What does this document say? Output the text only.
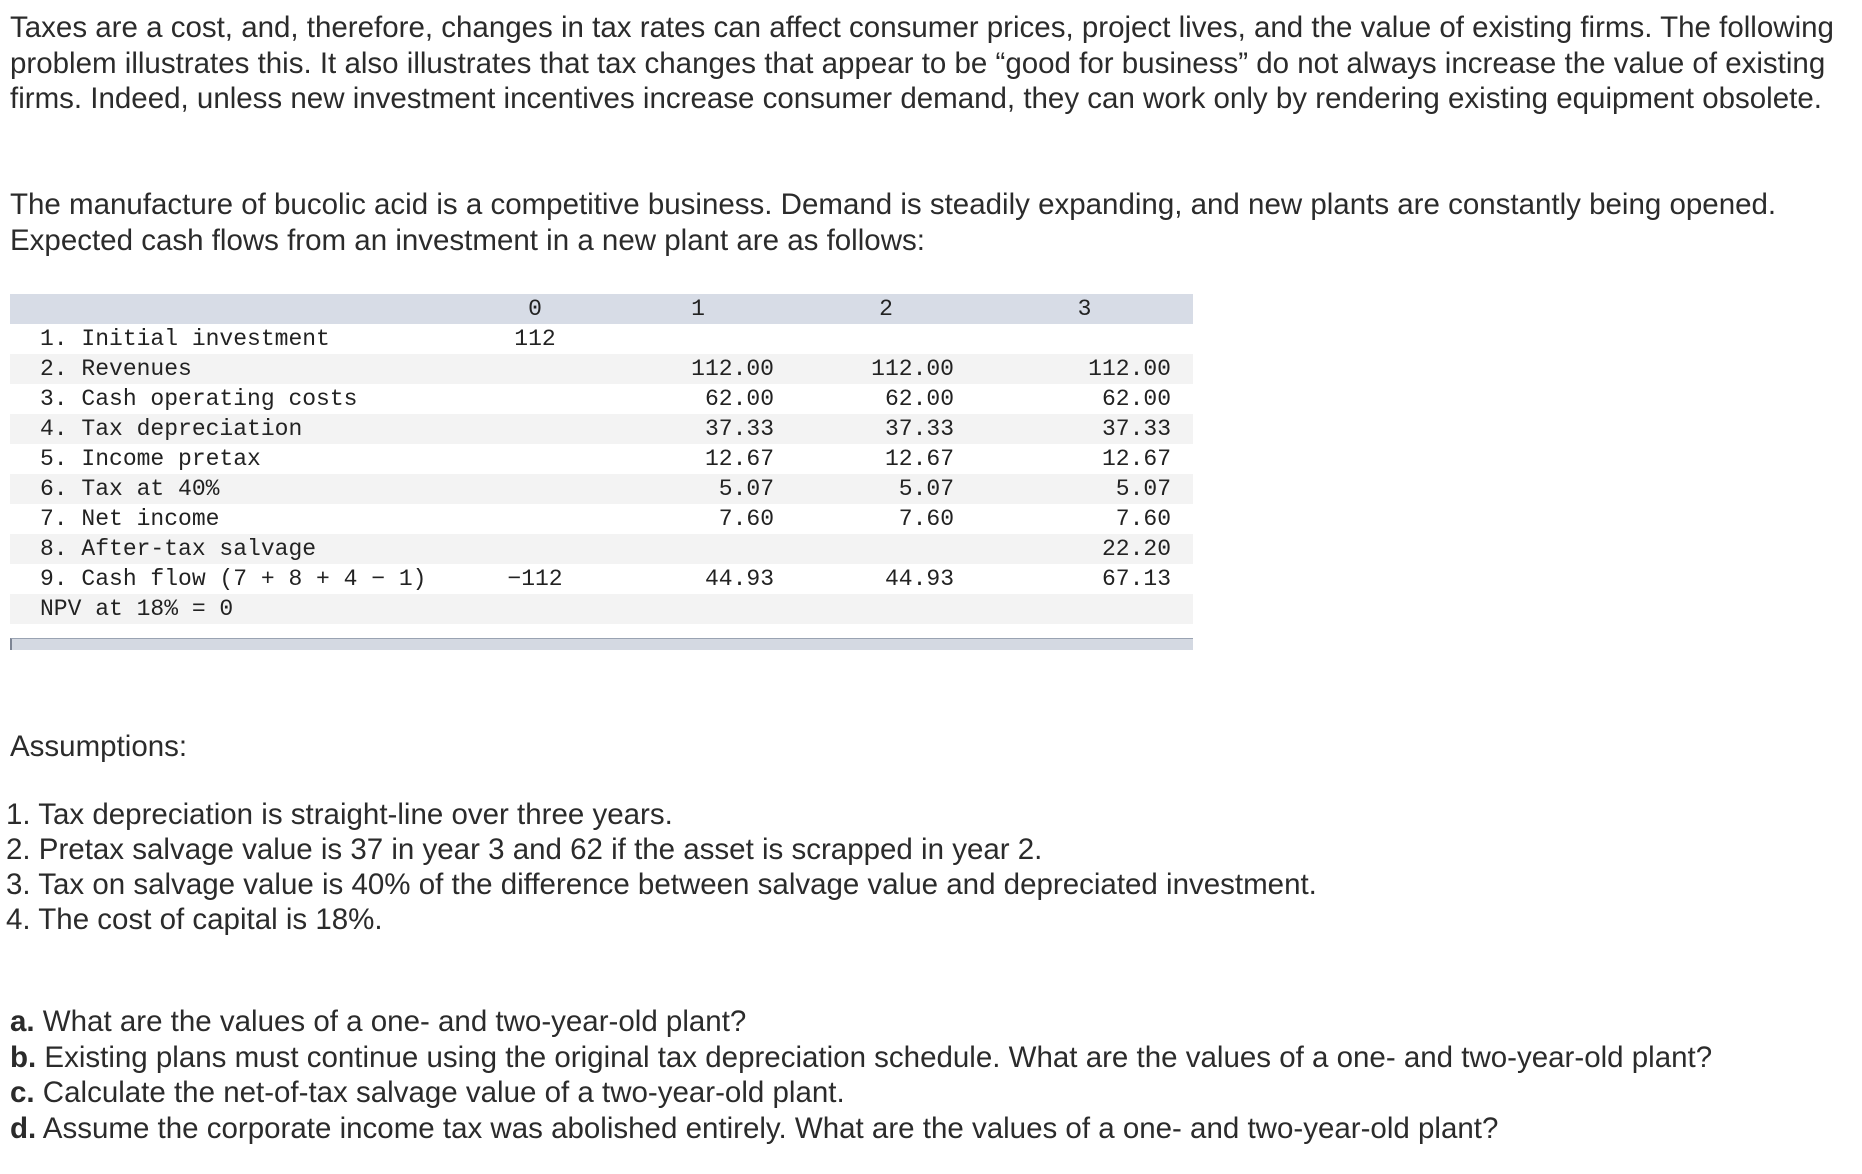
Taxes are a cost, and, therefore, changes in tax rates can affect consumer prices, project lives, and the value of existing firms. The following problem illustrates this. It also illustrates that tax changes that appear to be “good for business” do not always increase the value of existing firms. Indeed, unless new investment incentives increase consumer demand, they can work only by rendering existing equipment obsolete.

The manufacture of bucolic acid is a competitive business. Demand is steadily expanding, and new plants are constantly being opened. Expected cash flows from an investment in a new plant are as follows:

	0	1	2	3
1. Initial investment	112			
2. Revenues		112.00	112.00	112.00
3. Cash operating costs		62.00	62.00	62.00
4. Tax depreciation		37.33	37.33	37.33
5. Income pretax		12.67	12.67	12.67
6. Tax at 40%		5.07	5.07	5.07
7. Net income		7.60	7.60	7.60
8. After-tax salvage				22.20
9. Cash flow (7 + 8 + 4 − 1)	−112	44.93	44.93	67.13
NPV at 18% = 0				
Assumptions:
1. Tax depreciation is straight-line over three years.
2. Pretax salvage value is 37 in year 3 and 62 if the asset is scrapped in year 2.
3. Tax on salvage value is 40% of the difference between salvage value and depreciated investment.
4. The cost of capital is 18%.
a. What are the values of a one- and two-year-old plant?
b. Existing plans must continue using the original tax depreciation schedule. What are the values of a one- and two-year-old plant?
c. Calculate the net-of-tax salvage value of a two-year-old plant.
d. Assume the corporate income tax was abolished entirely. What are the values of a one- and two-year-old plant?
